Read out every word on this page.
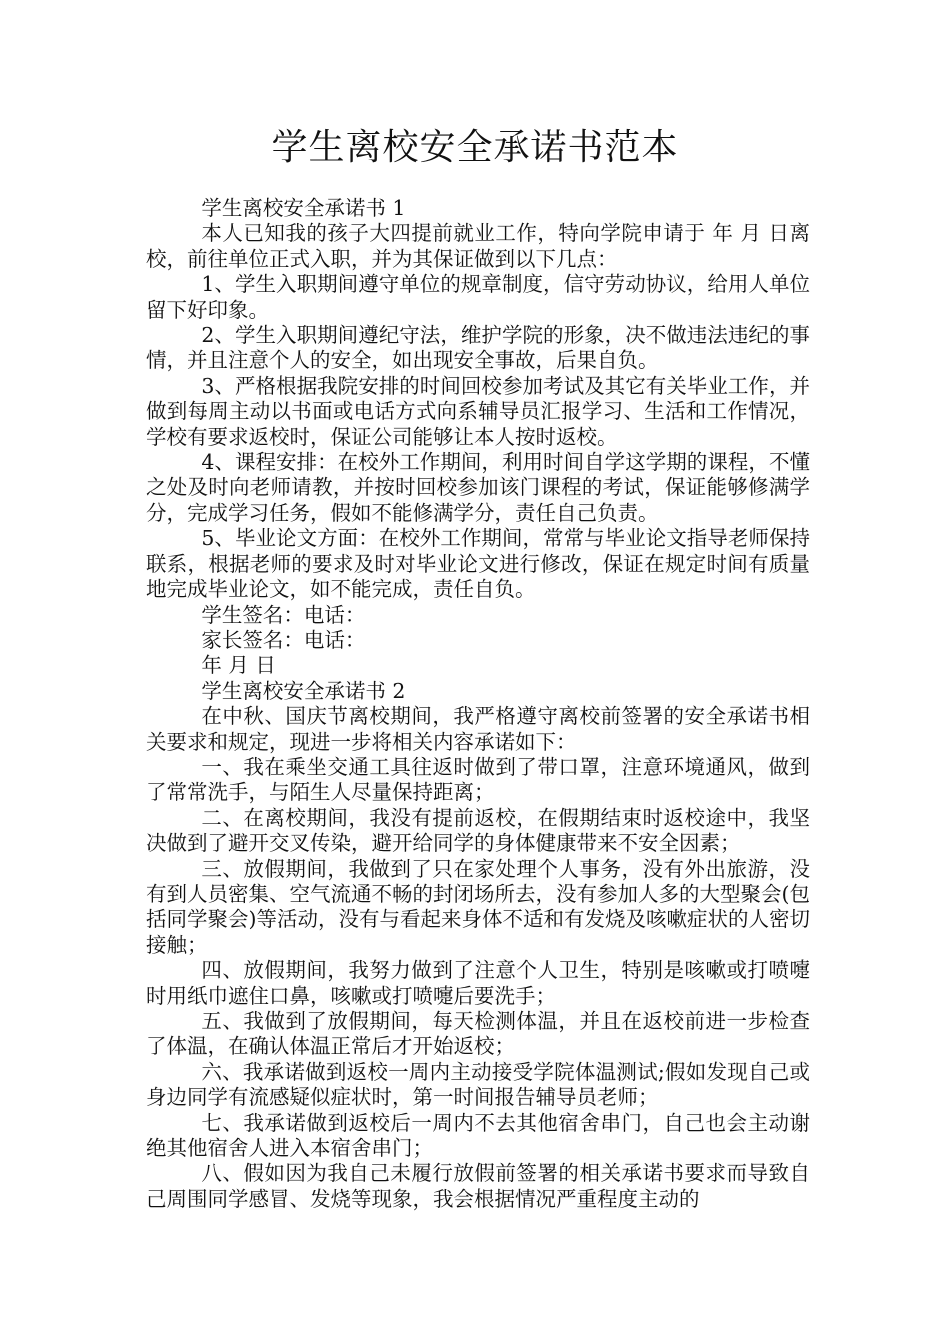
学生离校安全承诺书范本

学生离校安全承诺书 1

本人已知我的孩子大四提前就业工作，特向学院申请于 年 月 日离校，前往单位正式入职，并为其保证做到以下几点：

1、学生入职期间遵守单位的规章制度，信守劳动协议，给用人单位留下好印象。

2、学生入职期间遵纪守法，维护学院的形象，决不做违法违纪的事情，并且注意个人的安全，如出现安全事故，后果自负。

3、严格根据我院安排的时间回校参加考试及其它有关毕业工作，并做到每周主动以书面或电话方式向系辅导员汇报学习、生活和工作情况，学校有要求返校时，保证公司能够让本人按时返校。

4、课程安排：在校外工作期间，利用时间自学这学期的课程，不懂之处及时向老师请教，并按时回校参加该门课程的考试，保证能够修满学分，完成学习任务，假如不能修满学分，责任自己负责。

5、毕业论文方面：在校外工作期间，常常与毕业论文指导老师保持联系，根据老师的要求及时对毕业论文进行修改，保证在规定时间有质量地完成毕业论文，如不能完成，责任自负。

学生签名：电话：

家长签名：电话：

年 月 日

学生离校安全承诺书 2

在中秋、国庆节离校期间，我严格遵守离校前签署的安全承诺书相关要求和规定，现进一步将相关内容承诺如下：

一、我在乘坐交通工具往返时做到了带口罩，注意环境通风，做到了常常洗手，与陌生人尽量保持距离；

二、在离校期间，我没有提前返校，在假期结束时返校途中，我坚决做到了避开交叉传染，避开给同学的身体健康带来不安全因素；

三、放假期间，我做到了只在家处理个人事务，没有外出旅游，没有到人员密集、空气流通不畅的封闭场所去，没有参加人多的大型聚会(包括同学聚会)等活动，没有与看起来身体不适和有发烧及咳嗽症状的人密切接触；

四、放假期间，我努力做到了注意个人卫生，特别是咳嗽或打喷嚏时用纸巾遮住口鼻，咳嗽或打喷嚏后要洗手；

五、我做到了放假期间，每天检测体温，并且在返校前进一步检查了体温，在确认体温正常后才开始返校；

六、我承诺做到返校一周内主动接受学院体温测试;假如发现自己或身边同学有流感疑似症状时，第一时间报告辅导员老师；

七、我承诺做到返校后一周内不去其他宿舍串门，自己也会主动谢绝其他宿舍人进入本宿舍串门；

八、假如因为我自己未履行放假前签署的相关承诺书要求而导致自己周围同学感冒、发烧等现象，我会根据情况严重程度主动的
